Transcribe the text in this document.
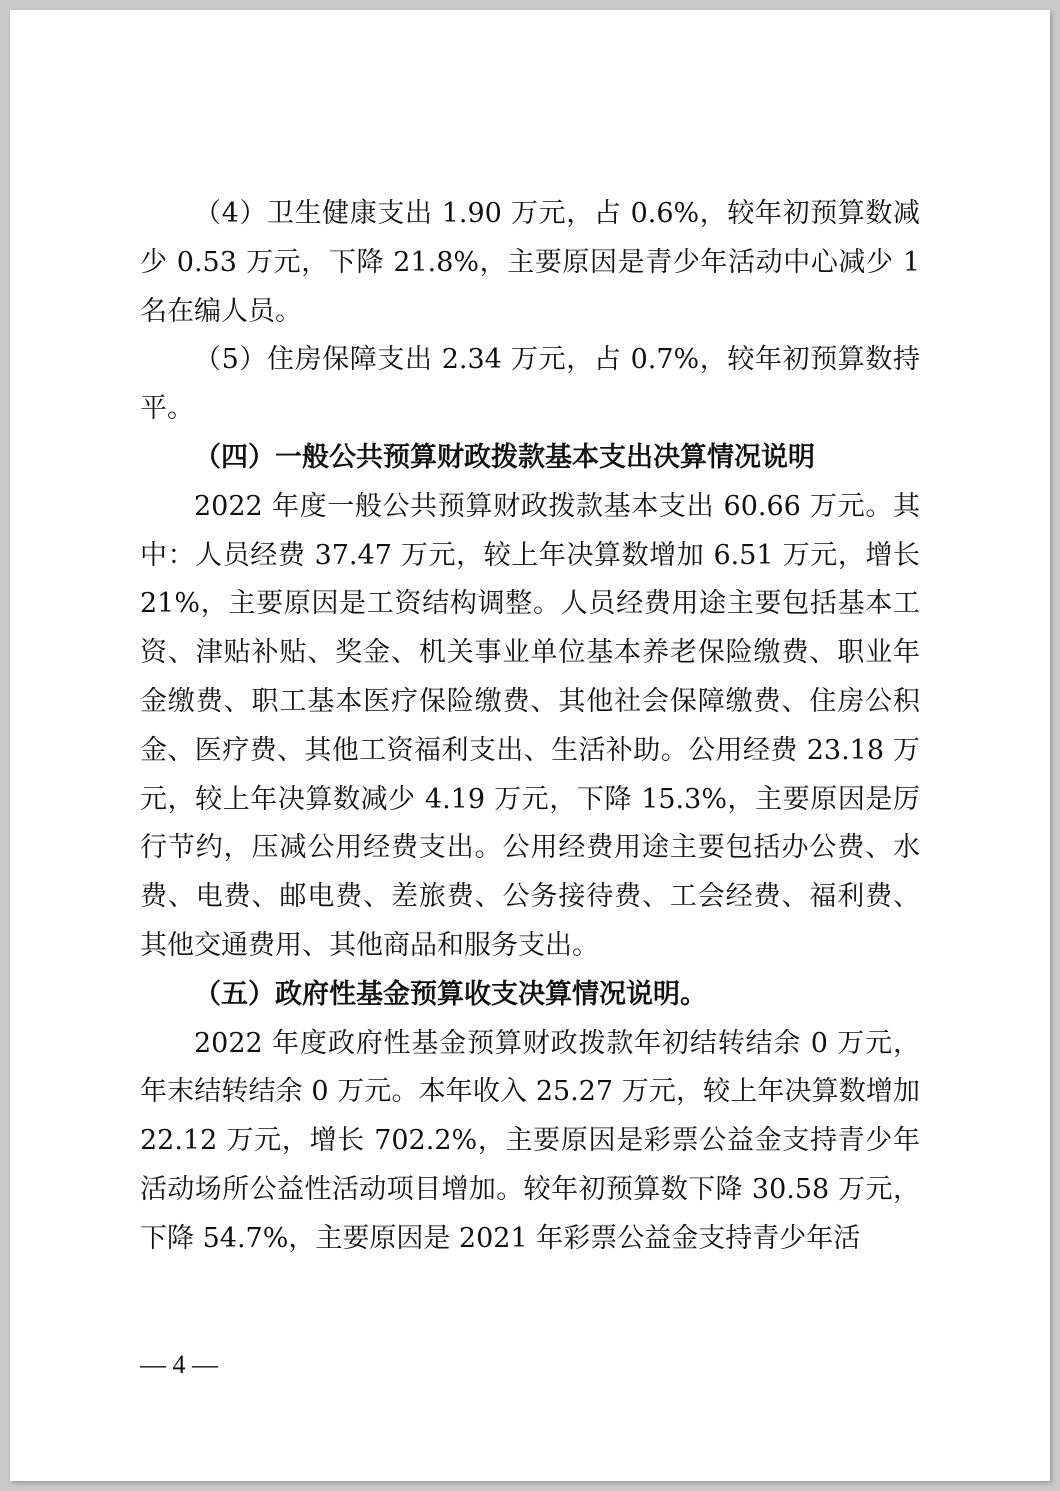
（4）卫生健康支出 1.90 万元，占 0.6%，较年初预算数减少 0.53 万元，下降 21.8%，主要原因是青少年活动中心减少 1 名在编人员。

（5）住房保障支出 2.34 万元，占 0.7%，较年初预算数持平。

（四）一般公共预算财政拨款基本支出决算情况说明

2022 年度一般公共预算财政拨款基本支出 60.66 万元。其中：人员经费 37.47 万元，较上年决算数增加 6.51 万元，增长 21%，主要原因是工资结构调整。人员经费用途主要包括基本工资、津贴补贴、奖金、机关事业单位基本养老保险缴费、职业年金缴费、职工基本医疗保险缴费、其他社会保障缴费、住房公积金、医疗费、其他工资福利支出、生活补助。公用经费 23.18 万元，较上年决算数减少 4.19 万元，下降 15.3%，主要原因是厉行节约，压减公用经费支出。公用经费用途主要包括办公费、水费、电费、邮电费、差旅费、公务接待费、工会经费、福利费、其他交通费用、其他商品和服务支出。

（五）政府性基金预算收支决算情况说明。

2022 年度政府性基金预算财政拨款年初结转结余 0 万元，年末结转结余 0 万元。本年收入 25.27 万元，较上年决算数增加 22.12 万元，增长 702.2%，主要原因是彩票公益金支持青少年活动场所公益性活动项目增加。较年初预算数下降 30.58 万元，下降 54.7%，主要原因是 2021 年彩票公益金支持青少年活

— 4 —
